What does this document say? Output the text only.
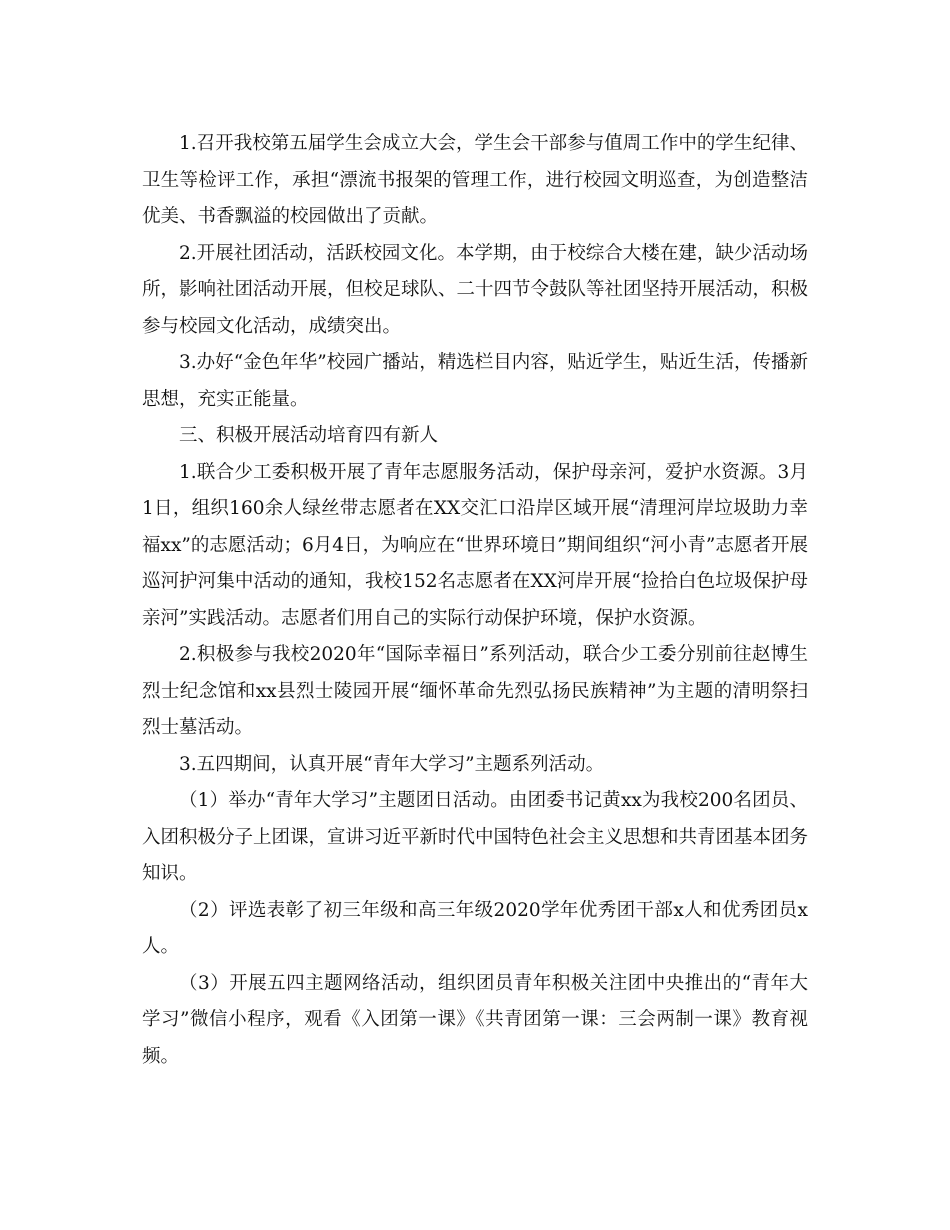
1.召开我校第五届学生会成立大会，学生会干部参与值周工作中的学生纪律、卫生等检评工作，承担“漂流书报架的管理工作，进行校园文明巡查，为创造整洁优美、书香飘溢的校园做出了贡献。

2.开展社团活动，活跃校园文化。本学期，由于校综合大楼在建，缺少活动场所，影响社团活动开展，但校足球队、二十四节令鼓队等社团坚持开展活动，积极参与校园文化活动，成绩突出。

3.办好“金色年华”校园广播站，精选栏目内容，贴近学生，贴近生活，传播新思想，充实正能量。

三、积极开展活动培育四有新人

1.联合少工委积极开展了青年志愿服务活动，保护母亲河，爱护水资源。3月1日，组织160余人绿丝带志愿者在XX交汇口沿岸区域开展“清理河岸垃圾助力幸福xx”的志愿活动；6月4日，为响应在“世界环境日”期间组织“河小青”志愿者开展巡河护河集中活动的通知，我校152名志愿者在XX河岸开展“捡拾白色垃圾保护母亲河”实践活动。志愿者们用自己的实际行动保护环境，保护水资源。

2.积极参与我校2020年“国际幸福日”系列活动，联合少工委分别前往赵博生烈士纪念馆和xx县烈士陵园开展“缅怀革命先烈弘扬民族精神”为主题的清明祭扫烈士墓活动。

3.五四期间，认真开展“青年大学习”主题系列活动。

（1）举办“青年大学习”主题团日活动。由团委书记黄xx为我校200名团员、入团积极分子上团课，宣讲习近平新时代中国特色社会主义思想和共青团基本团务知识。

（2）评选表彰了初三年级和高三年级2020学年优秀团干部x人和优秀团员x人。

（3）开展五四主题网络活动，组织团员青年积极关注团中央推出的“青年大学习”微信小程序，观看《入团第一课》《共青团第一课：三会两制一课》教育视频。
